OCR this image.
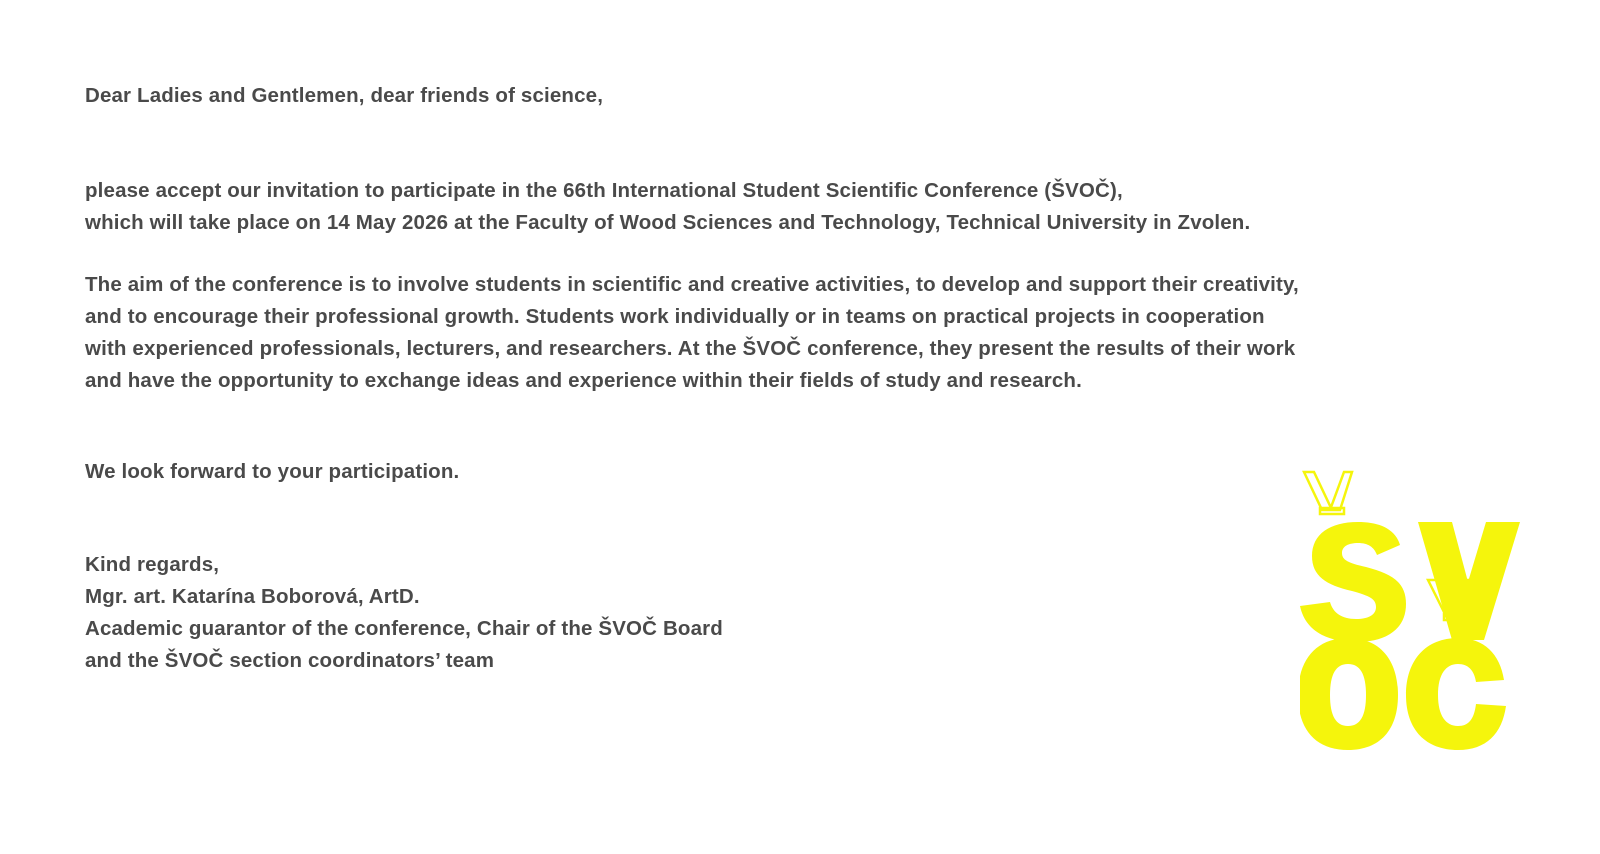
Dear Ladies and Gentlemen, dear friends of science,

please accept our invitation to participate in the 66th International Student Scientific Conference (ŠVOČ),

which will take place on 14 May 2026 at the Faculty of Wood Sciences and Technology, Technical University in Zvolen.

The aim of the conference is to involve students in scientific and creative activities, to develop and support their creativity,

and to encourage their professional growth. Students work individually or in teams on practical projects in cooperation

with experienced professionals, lecturers, and researchers. At the ŠVOČ conference, they present the results of their work

and have the opportunity to exchange ideas and experience within their fields of study and research.

We look forward to your participation.

Kind regards,

Mgr. art. Katarína Boborová, ArtD.

Academic guarantor of the conference, Chair of the ŠVOČ Board

and the ŠVOČ section coordinators’ team
